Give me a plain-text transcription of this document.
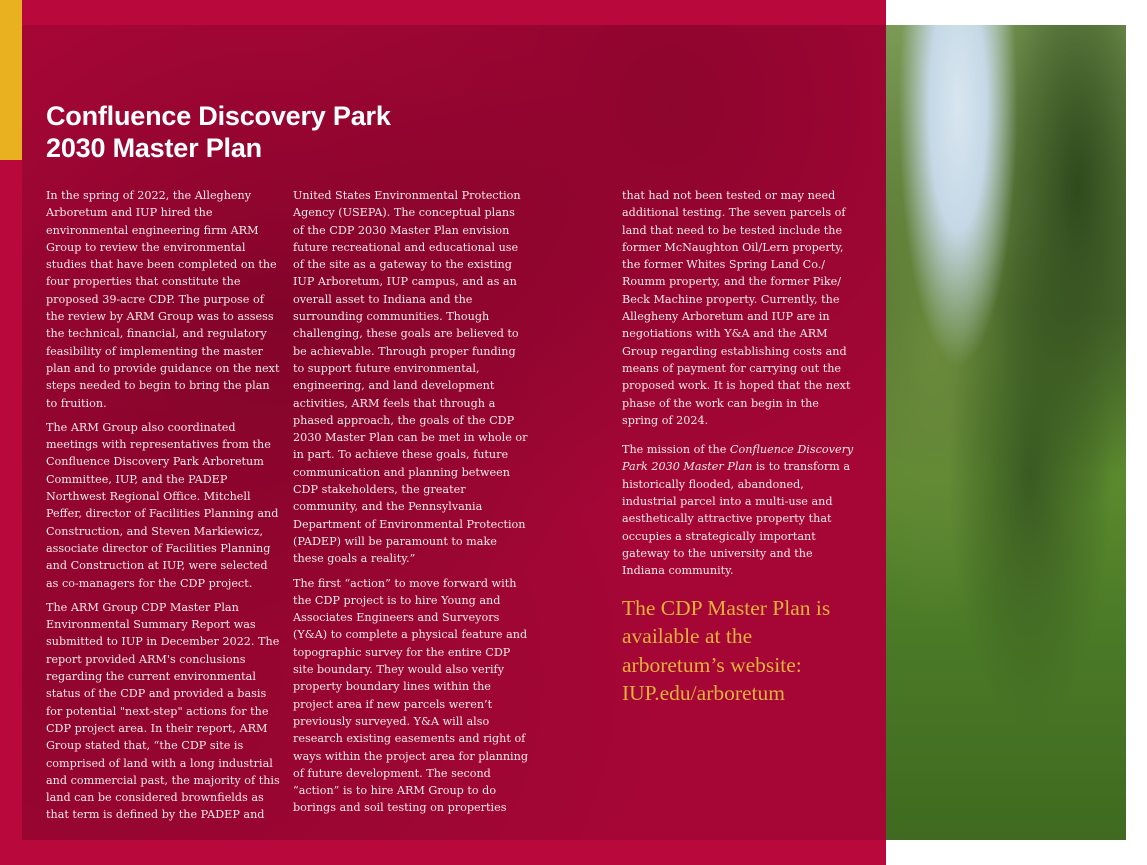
Confluence Discovery Park
2030 Master Plan

In the spring of 2022, the Allegheny Arboretum and IUP hired the environmental engineering firm ARM Group to review the environmental studies that have been completed on the four properties that constitute the proposed 39-acre CDP. The purpose of the review by ARM Group was to assess the technical, financial, and regulatory feasibility of implementing the master plan and to provide guidance on the next steps needed to begin to bring the plan to fruition.

The ARM Group also coordinated meetings with representatives from the Confluence Discovery Park Arboretum Committee, IUP, and the PADEP Northwest Regional Office. Mitchell Peffer, director of Facilities Planning and Construction, and Steven Markiewicz, associate director of Facilities Planning and Construction at IUP, were selected as co-managers for the CDP project.

The ARM Group CDP Master Plan Environmental Summary Report was submitted to IUP in December 2022. The report provided ARM's conclusions regarding the current environmental status of the CDP and provided a basis for potential "next-step" actions for the CDP project area. In their report, ARM Group stated that, “the CDP site is comprised of land with a long industrial and commercial past, the majority of this land can be considered brownfields as that term is defined by the PADEP and

United States Environmental Protection Agency (USEPA). The conceptual plans of the CDP 2030 Master Plan envision future recreational and educational use of the site as a gateway to the existing IUP Arboretum, IUP campus, and as an overall asset to Indiana and the surrounding communities. Though challenging, these goals are believed to be achievable. Through proper funding to support future environmental, engineering, and land development activities, ARM feels that through a phased approach, the goals of the CDP 2030 Master Plan can be met in whole or in part. To achieve these goals, future communication and planning between CDP stakeholders, the greater community, and the Pennsylvania Department of Environmental Protection (PADEP) will be paramount to make these goals a reality.”

The first “action” to move forward with the CDP project is to hire Young and Associates Engineers and Surveyors (Y&A) to complete a physical feature and topographic survey for the entire CDP site boundary. They would also verify property boundary lines within the project area if new parcels weren’t previously surveyed. Y&A will also research existing easements and right of ways within the project area for planning of future development. The second “action” is to hire ARM Group to do borings and soil testing on properties

that had not been tested or may need additional testing. The seven parcels of land that need to be tested include the former McNaughton Oil/Lern property, the former Whites Spring Land Co./ Roumm property, and the former Pike/ Beck Machine property. Currently, the Allegheny Arboretum and IUP are in negotiations with Y&A and the ARM Group regarding establishing costs and means of payment for carrying out the proposed work. It is hoped that the next phase of the work can begin in the spring of 2024.

The mission of the Confluence Discovery Park 2030 Master Plan is to transform a historically flooded, abandoned, industrial parcel into a multi-use and aesthetically attractive property that occupies a strategically important gateway to the university and the Indiana community.

The CDP Master Plan is available at the arboretum’s website: IUP.edu/arboretum
